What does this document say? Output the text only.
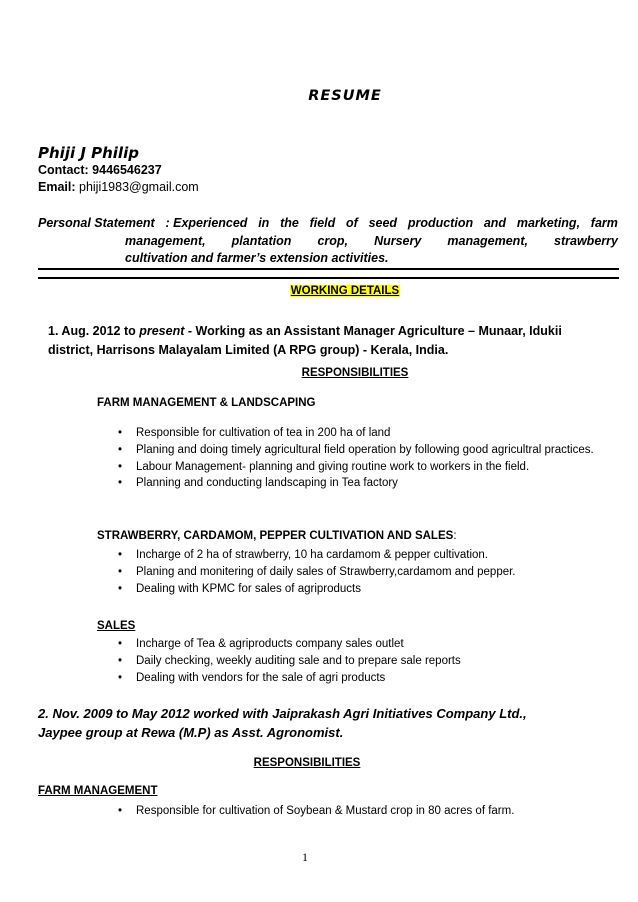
RESUME
Phiji J Philip
Contact: 9446546237
Email: phiji1983@gmail.com
Personal Statement : Experienced in the field of seed production and marketing, farm
management, plantation crop, Nursery management, strawberry
cultivation and farmer’s extension activities.
WORKING DETAILS
1. Aug. 2012 to present - Working as an Assistant Manager Agriculture – Munaar, Idukii
district, Harrisons Malayalam Limited (A RPG group) - Kerala, India.
RESPONSIBILITIES
FARM MANAGEMENT & LANDSCAPING
• Responsible for cultivation of tea in 200 ha of land
• Planing and doing timely agricultural field operation by following good agricultral practices.
• Labour Management- planning and giving routine work to workers in the field.
• Planning and conducting landscaping in Tea factory
STRAWBERRY, CARDAMOM, PEPPER CULTIVATION AND SALES:
• Incharge of 2 ha of strawberry, 10 ha cardamom & pepper cultivation.
• Planing and monitering of daily sales of Strawberry,cardamom and pepper.
• Dealing with KPMC for sales of agriproducts
SALES
• Incharge of Tea & agriproducts company sales outlet
• Daily checking, weekly auditing sale and to prepare sale reports
• Dealing with vendors for the sale of agri products
2. Nov. 2009 to May 2012 worked with Jaiprakash Agri Initiatives Company Ltd.,
Jaypee group at Rewa (M.P) as Asst. Agronomist.
RESPONSIBILITIES
FARM MANAGEMENT
• Responsible for cultivation of Soybean & Mustard crop in 80 acres of farm.
1
